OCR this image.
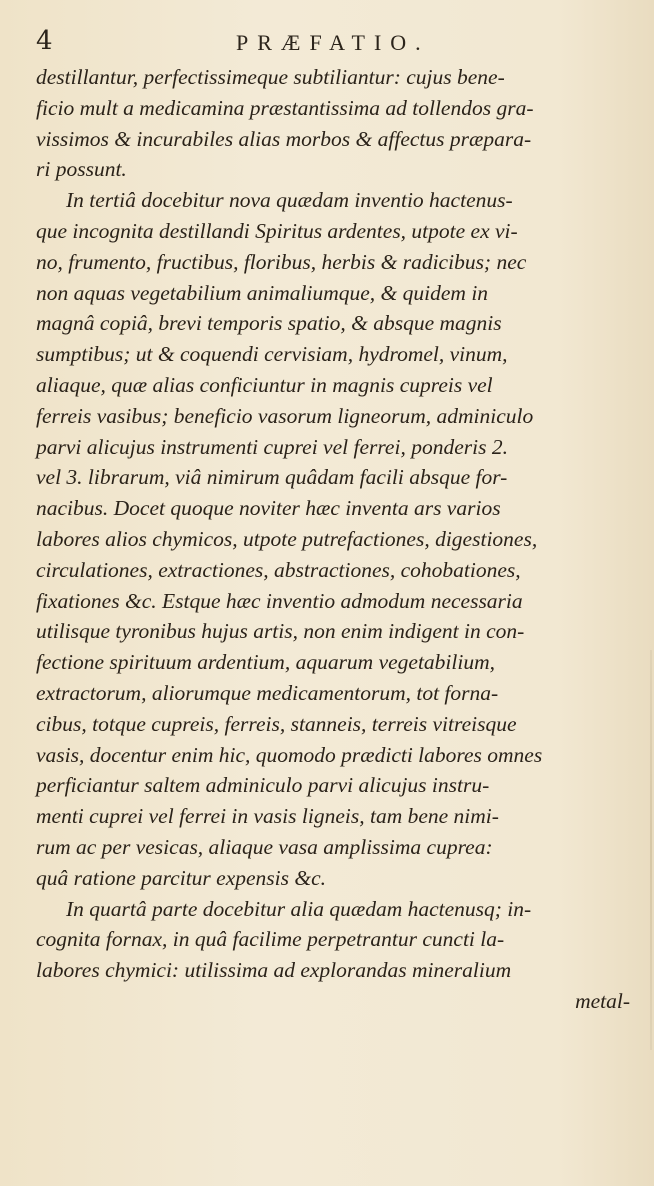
4	PRÆFATIO.
destillantur, perfectissimeque subtiliantur: cujus bene-
ficio mult a medicamina præstantissima ad tollendos gra-
vissimos & incurabiles alias morbos & affectus præpara-
ri possunt.
In tertiâ docebitur nova quædam inventio hactenus-
que incognita destillandi Spiritus ardentes, utpote ex vi-
no, frumento, fructibus, floribus, herbis & radicibus; nec
non aquas vegetabilium animaliumque, & quidem in
magnâ copiâ, brevi temporis spatio, & absque magnis
sumptibus; ut & coquendi cervisiam, hydromel, vinum,
aliaque, quæ alias conficiuntur in magnis cupreis vel
ferreis vasibus; beneficio vasorum ligneorum, adminiculo
parvi alicujus instrumenti cuprei vel ferrei, ponderis 2.
vel 3. librarum, viâ nimirum quâdam facili absque for-
nacibus. Docet quoque noviter hæc inventa ars varios
labores alios chymicos, utpote putrefactiones, digestiones,
circulationes, extractiones, abstractiones, cohobationes,
fixationes &c. Estque hæc inventio admodum necessaria
utilisque tyronibus hujus artis, non enim indigent in con-
fectione spirituum ardentium, aquarum vegetabilium,
extractorum, aliorumque medicamentorum, tot forna-
cibus, totque cupreis, ferreis, stanneis, terreis vitreisque
vasis, docentur enim hic, quomodo prædicti labores omnes
perficiantur saltem adminiculo parvi alicujus instru-
menti cuprei vel ferrei in vasis ligneis, tam bene nimi-
rum ac per vesicas, aliaque vasa amplissima cuprea:
quâ ratione parcitur expensis &c.
In quartâ parte docebitur alia quædam hactenusq; in-
cognita fornax, in quâ facilime perpetrantur cuncti la-
labores chymici: utilissima ad explorandas mineralium
metal-
